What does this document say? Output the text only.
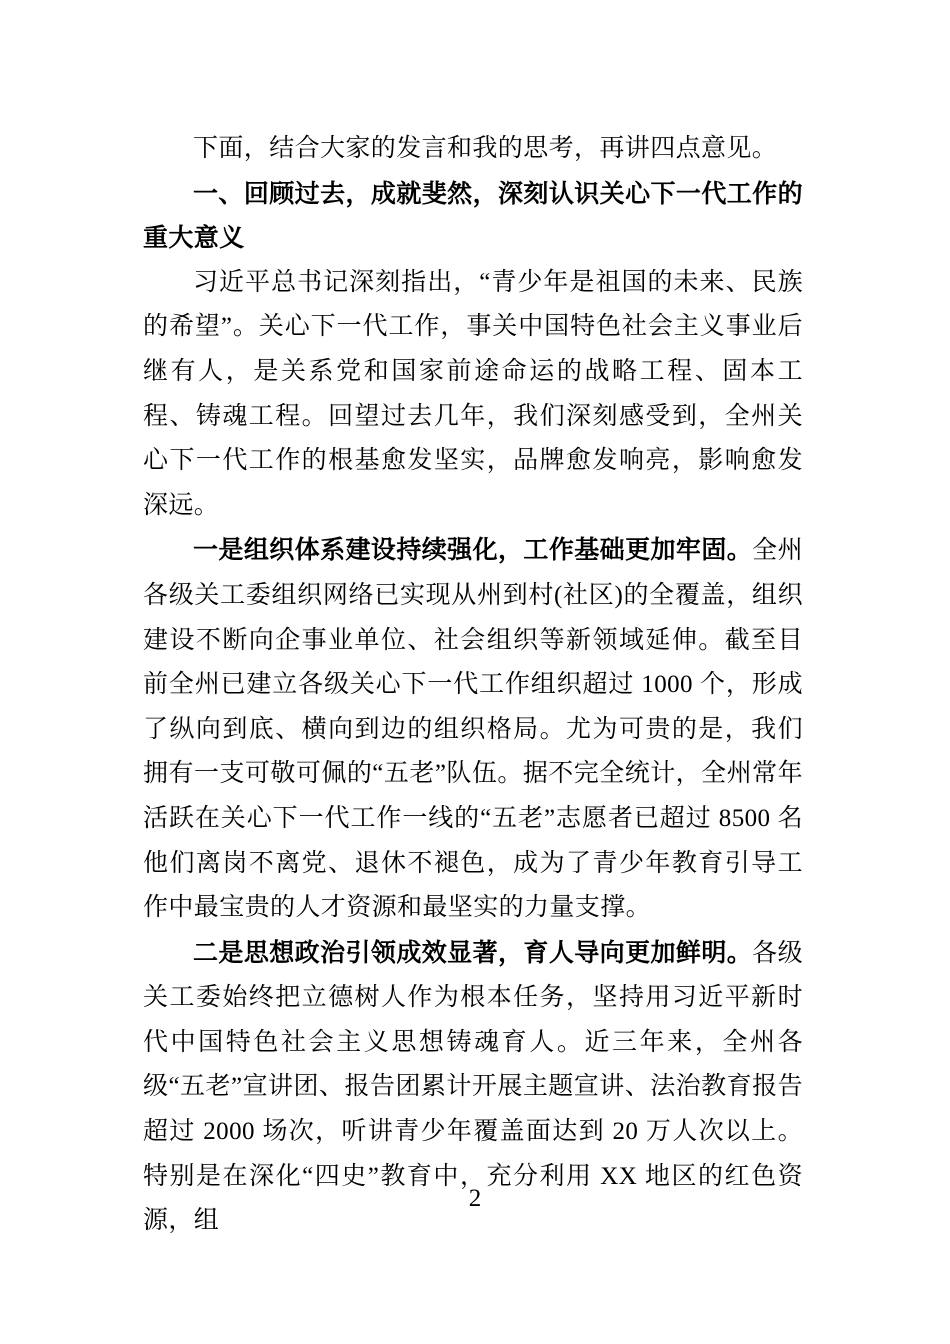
下面，结合大家的发言和我的思考，再讲四点意见。

一、回顾过去，成就斐然，深刻认识关心下一代工作的重大意义

习近平总书记深刻指出，“青少年是祖国的未来、民族的希望”。关心下一代工作，事关中国特色社会主义事业后继有人，是关系党和国家前途命运的战略工程、固本工程、铸魂工程。回望过去几年，我们深刻感受到，全州关心下一代工作的根基愈发坚实，品牌愈发响亮，影响愈发深远。

一是组织体系建设持续强化，工作基础更加牢固。全州各级关工委组织网络已实现从州到村(社区)的全覆盖，组织建设不断向企事业单位、社会组织等新领域延伸。截至目前全州已建立各级关心下一代工作组织超过 1000 个，形成了纵向到底、横向到边的组织格局。尤为可贵的是，我们拥有一支可敬可佩的“五老”队伍。据不完全统计，全州常年活跃在关心下一代工作一线的“五老”志愿者已超过 8500 名他们离岗不离党、退休不褪色，成为了青少年教育引导工作中最宝贵的人才资源和最坚实的力量支撑。

二是思想政治引领成效显著，育人导向更加鲜明。各级关工委始终把立德树人作为根本任务，坚持用习近平新时代中国特色社会主义思想铸魂育人。近三年来，全州各级“五老”宣讲团、报告团累计开展主题宣讲、法治教育报告超过 2000 场次，听讲青少年覆盖面达到 20 万人次以上。特别是在深化“四史”教育中，充分利用 XX 地区的红色资源，组

2
